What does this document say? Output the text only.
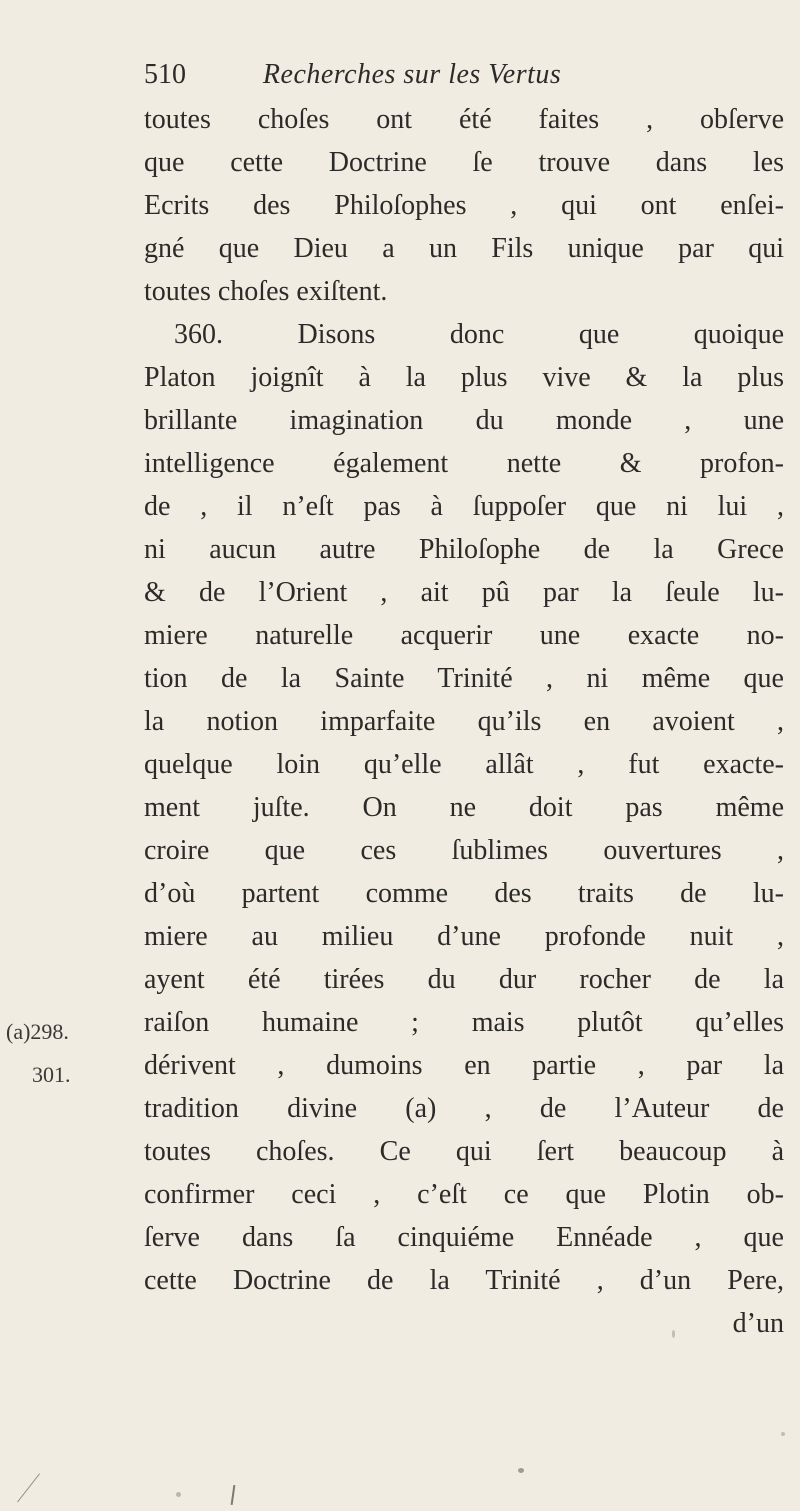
510	Recherches sur les Vertus
toutes choſes ont été faites , obſerve
que cette Doctrine ſe trouve dans les
Ecrits des Philoſophes , qui ont enſei-
gné que Dieu a un Fils unique par qui
toutes choſes exiſtent.
360. Disons donc que quoique
Platon joignît à la plus vive & la plus
brillante imagination du monde , une
intelligence également nette & profon-
de , il n’eſt pas à ſuppoſer que ni lui ,
ni aucun autre Philoſophe de la Grece
& de l’Orient , ait pû par la ſeule lu-
miere naturelle acquerir une exacte no-
tion de la Sainte Trinité , ni même que
la notion imparfaite qu’ils en avoient ,
quelque loin qu’elle allât , fut exacte-
ment juſte. On ne doit pas même
croire que ces ſublimes ouvertures ,
d’où partent comme des traits de lu-
miere au milieu d’une profonde nuit ,
ayent été tirées du dur rocher de la
raiſon humaine ; mais plutôt qu’elles
dérivent , dumoins en partie , par la
tradition divine (a) , de l’Auteur de
toutes choſes. Ce qui ſert beaucoup à
confirmer ceci , c’eſt ce que Plotin ob-
ſerve dans ſa cinquiéme Ennéade , que
cette Doctrine de la Trinité , d’un Pere,
d’un
(a)298.
301.
